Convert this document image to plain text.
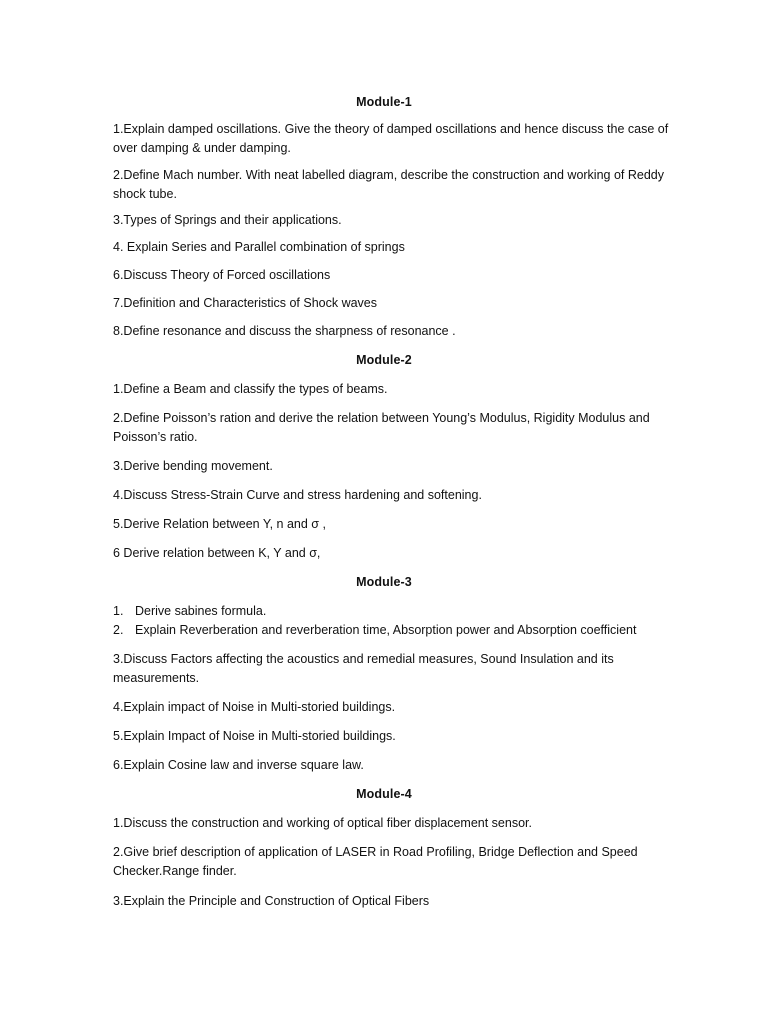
Module-1
1.Explain damped oscillations. Give the theory of damped oscillations and hence discuss the case of over damping & under damping.
2.Define Mach number. With neat labelled diagram, describe the construction and working of Reddy shock tube.
3.Types of Springs and their applications.
4. Explain Series and Parallel combination of springs
6.Discuss Theory of Forced oscillations
7.Definition and Characteristics of Shock waves
8.Define resonance and discuss the sharpness of resonance .
Module-2
1.Define a Beam and classify the types of beams.
2.Define Poisson’s ration and derive the relation between Young’s Modulus, Rigidity Modulus and Poisson’s ratio.
3.Derive bending movement.
4.Discuss Stress-Strain Curve and stress hardening and softening.
5.Derive Relation between Y, n and σ ,
6 Derive relation between K, Y and σ,
Module-3
1. Derive sabines formula.
2. Explain Reverberation and reverberation time, Absorption power and Absorption coefficient
3.Discuss Factors affecting the acoustics and remedial measures, Sound Insulation and its measurements.
4.Explain impact of Noise in Multi-storied buildings.
5.Explain Impact of Noise in Multi-storied buildings.
6.Explain Cosine law and inverse square law.
Module-4
1.Discuss the construction and working of optical fiber displacement sensor.
2.Give brief description of application of LASER in Road Profiling, Bridge Deflection and Speed Checker.Range finder.
3.Explain the Principle and Construction of Optical Fibers
